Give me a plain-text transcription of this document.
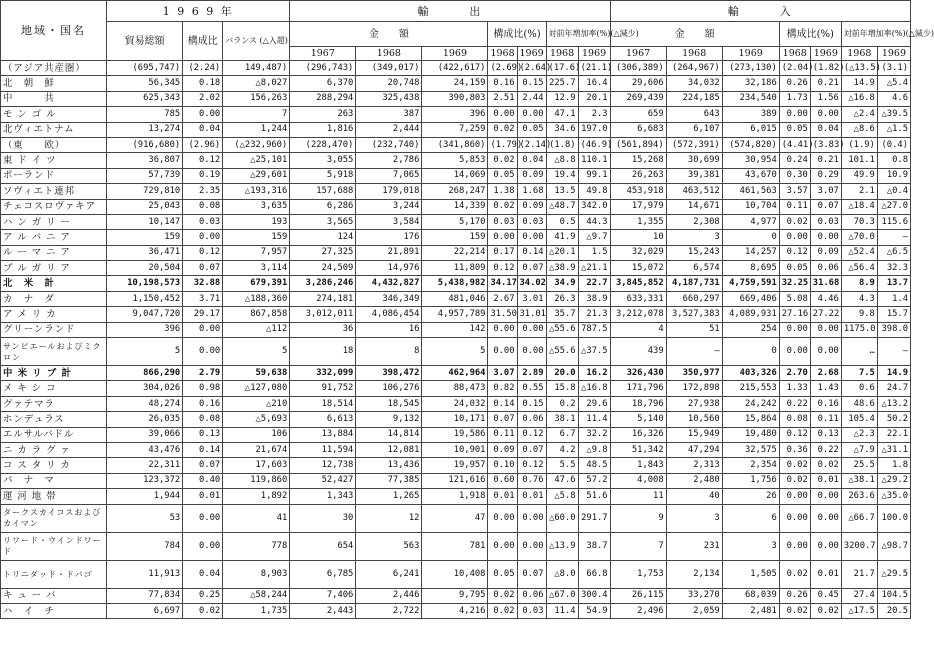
地域・国名	1 9 6 9 年			輸　　　出							輸　　　入						
	貿易総額	構成比	バランス (△入超)	金　　額			構成比(%)		対前年増加率(%)(△減少)		金　　額			構成比(%)		対前年増加率(%)(△減少)	
				1967	1968	1969	1968	1969	1968	1969	1967	1968	1969	1968	1969	1968	1969
（アジア共産圏）	(695,747)	(2.24)	149,487)	(296,743)	(349,017)	(422,617)	(2.69)	(2.64)	(17.6)	(21.1)	(306,389)	(264,967)	(273,130)	(2.04)	(1.82)	(△13.5)	(3.1)
北　朝　鮮	56,345	0.18	△8,027	6,370	20,748	24,159	0.16	0.15	225.7	16.4	29,606	34,032	32,186	0.26	0.21	14.9	△5.4
中　　　共	625,343	2.02	156,263	288,294	325,438	390,803	2.51	2.44	12.9	20.1	269,439	224,185	234,540	1.73	1.56	△16.8	4.6
モ ン ゴ ル	785	0.00	7	263	387	396	0.00	0.00	47.1	2.3	659	643	389	0.00	0.00	△2.4	△39.5
北ヴィエトナム	13,274	0.04	1,244	1,816	2,444	7,259	0.02	0.05	34.6	197.0	6,683	6,107	6,015	0.05	0.04	△8.6	△1.5
（東　　欧）	(916,680)	(2.96)	(△232,960)	(228,470)	(232,740)	(341,860)	(1.79)	(2.14)	(1.8)	(46.9)	(561,894)	(572,391)	(574,820)	(4.41)	(3.83)	(1.9)	(0.4)
東 ド イ ツ	36,807	0.12	△25,101	3,055	2,786	5,853	0.02	0.04	△8.8	110.1	15,268	30,699	30,954	0.24	0.21	101.1	0.8
ポーランド	57,739	0.19	△29,601	5,918	7,065	14,069	0.05	0.09	19.4	99.1	26,263	39,381	43,670	0.30	0.29	49.9	10.9
ソヴィエト連邦	729,810	2.35	△193,316	157,688	179,018	268,247	1.38	1.68	13.5	49.8	453,918	463,512	461,563	3.57	3.07	2.1	△0.4
チェコスロヴァキア	25,043	0.08	3,635	6,286	3,244	14,339	0.02	0.09	△48.7	342.0	17,979	14,671	10,704	0.11	0.07	△18.4	△27.0
ハ ン ガ リ ー	10,147	0.03	193	3,565	3,584	5,170	0.03	0.03	0.5	44.3	1,355	2,308	4,977	0.02	0.03	70.3	115.6
ア ル バ ニ ア	159	0.00	159	124	176	159	0.00	0.00	41.9	△9.7	10	3	0	0.00	0.00	△70.0	—
ル ー マ ニ ア	36,471	0.12	7,957	27,325	21,891	22,214	0.17	0.14	△20.1	1.5	32,029	15,243	14,257	0.12	0.09	△52.4	△6.5
ブ ル ガ リ ア	20,504	0.07	3,114	24,509	14,976	11,809	0.12	0.07	△38.9	△21.1	15,072	6,574	8,695	0.05	0.06	△56.4	32.3
北　米　計	10,198,573	32.88	679,391	3,286,246	4,432,827	5,438,982	34.17	34.02	34.9	22.7	3,845,852	4,187,731	4,759,591	32.25	31.68	8.9	13.7
カ　ナ　ダ	1,150,452	3.71	△188,360	274,181	346,349	481,046	2.67	3.01	26.3	38.9	633,331	660,297	669,406	5.08	4.46	4.3	1.4
ア メ リ カ	9,047,720	29.17	867,858	3,012,011	4,086,454	4,957,789	31.50	31.01	35.7	21.3	3,212,078	3,527,383	4,089,931	27.16	27.22	9.8	15.7
グリーンランド	396	0.00	△112	36	16	142	0.00	0.00	△55.6	787.5	4	51	254	0.00	0.00	1175.0	398.0
サンピエールおよびミクロン	5	0.00	5	18	8	5	0.00	0.00	△55.6	△37.5	439	—	0	0.00	0.00	…	—
中 米 リ ブ 計	866,290	2.79	59,638	332,099	398,472	462,964	3.07	2.89	20.0	16.2	326,430	350,977	403,326	2.70	2.68	7.5	14.9
メ キ シ コ	304,026	0.98	△127,080	91,752	106,276	88,473	0.82	0.55	15.8	△16.8	171,796	172,898	215,553	1.33	1.43	0.6	24.7
グァテマラ	48,274	0.16	△210	18,514	18,545	24,032	0.14	0.15	0.2	29.6	18,796	27,938	24,242	0.22	0.16	48.6	△13.2
ホンデュラス	26,035	0.08	△5,693	6,613	9,132	10,171	0.07	0.06	38.1	11.4	5,140	10,560	15,864	0.08	0.11	105.4	50.2
エルサルバドル	39,066	0.13	106	13,884	14,814	19,586	0.11	0.12	6.7	32.2	16,326	15,949	19,480	0.12	0.13	△2.3	22.1
ニ カ ラ グ ァ	43,476	0.14	21,674	11,594	12,081	10,901	0.09	0.07	4.2	△9.8	51,342	47,294	32,575	0.36	0.22	△7.9	△31.1
コ ス タ リ カ	22,311	0.07	17,603	12,738	13,436	19,957	0.10	0.12	5.5	48.5	1,843	2,313	2,354	0.02	0.02	25.5	1.8
パ　ナ　マ	123,372	0.40	119,860	52,427	77,385	121,616	0.60	0.76	47.6	57.2	4,008	2,480	1,756	0.02	0.01	△38.1	△29.2
運 河 地 帯	1,944	0.01	1,892	1,343	1,265	1,918	0.01	0.01	△5.8	51.6	11	40	26	0.00	0.00	263.6	△35.0
タークスカイコスおよびカイマン	53	0.00	41	30	12	47	0.00	0.00	△60.0	291.7	9	3	6	0.00	0.00	△66.7	100.0
リワード・ウインドワード	784	0.00	778	654	563	781	0.00	0.00	△13.9	38.7	7	231	3	0.00	0.00	3200.7	△98.7
トリニダッド・ドバゴ	11,913	0.04	8,903	6,785	6,241	10,408	0.05	0.07	△8.0	66.8	1,753	2,134	1,505	0.02	0.01	21.7	△29.5
キ ュ ー バ	77,834	0.25	△58,244	7,406	2,446	9,795	0.02	0.06	△67.0	300.4	26,115	33,270	68,039	0.26	0.45	27.4	104.5
ハ　イ　チ	6,697	0.02	1,735	2,443	2,722	4,216	0.02	0.03	11.4	54.9	2,496	2,059	2,481	0.02	0.02	△17.5	20.5
